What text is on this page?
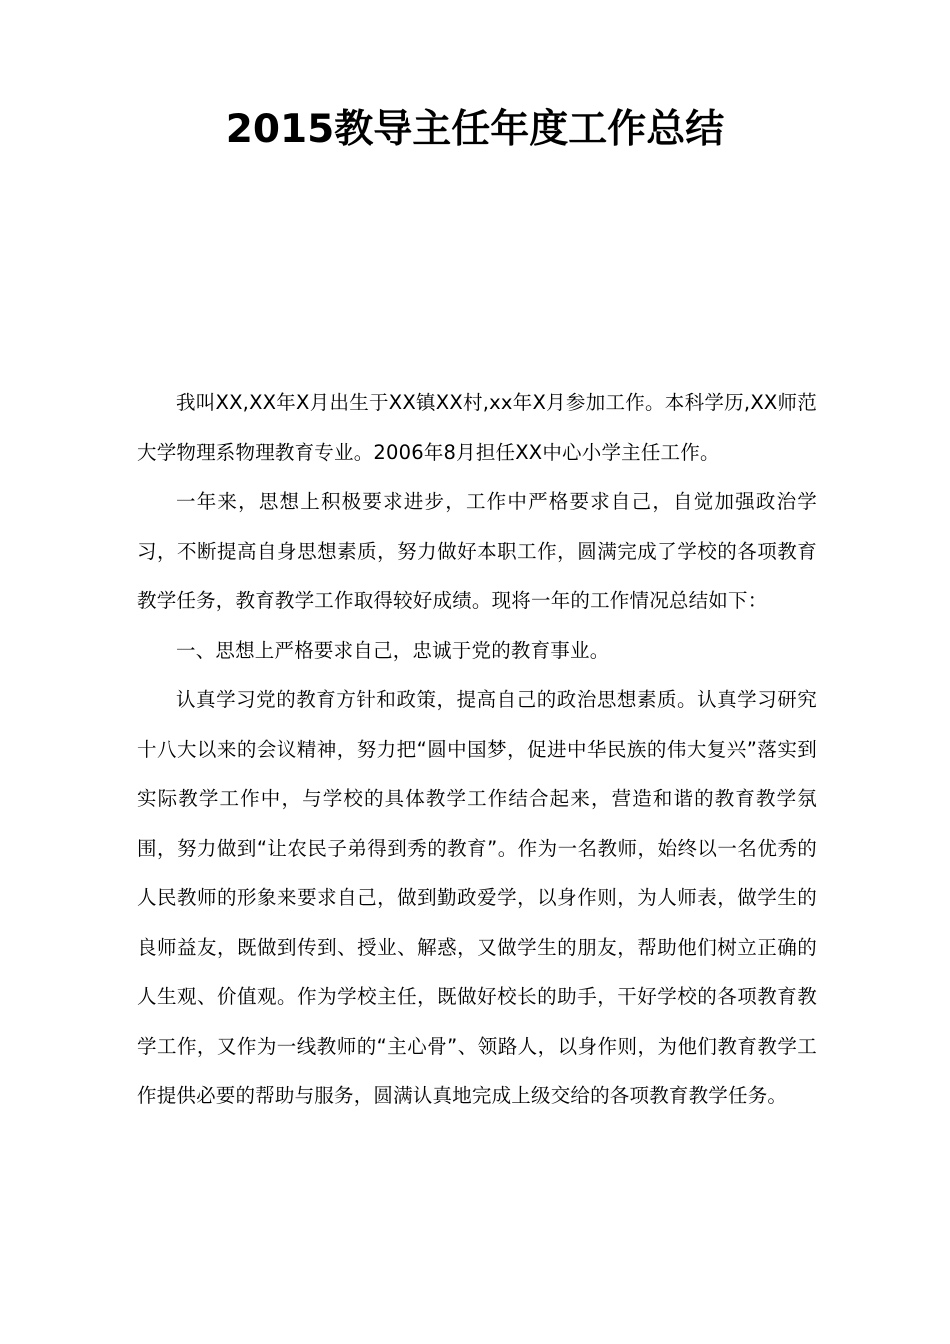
2015教导主任年度工作总结

我叫XX,XX年X月出生于XX镇XX村,xx年X月参加工作。本科学历,XX师范大学物理系物理教育专业。2006年8月担任XX中心小学主任工作。

一年来，思想上积极要求进步，工作中严格要求自己，自觉加强政治学习，不断提高自身思想素质，努力做好本职工作，圆满完成了学校的各项教育教学任务，教育教学工作取得较好成绩。现将一年的工作情况总结如下：

一、思想上严格要求自己，忠诚于党的教育事业。

认真学习党的教育方针和政策，提高自己的政治思想素质。认真学习研究十八大以来的会议精神，努力把“圆中国梦，促进中华民族的伟大复兴”落实到实际教学工作中，与学校的具体教学工作结合起来，营造和谐的教育教学氛围，努力做到“让农民子弟得到秀的教育”。作为一名教师，始终以一名优秀的人民教师的形象来要求自己，做到勤政爱学，以身作则，为人师表，做学生的良师益友，既做到传到、授业、解惑，又做学生的朋友，帮助他们树立正确的人生观、价值观。作为学校主任，既做好校长的助手，干好学校的各项教育教学工作，又作为一线教师的“主心骨”、领路人，以身作则，为他们教育教学工作提供必要的帮助与服务，圆满认真地完成上级交给的各项教育教学任务。
